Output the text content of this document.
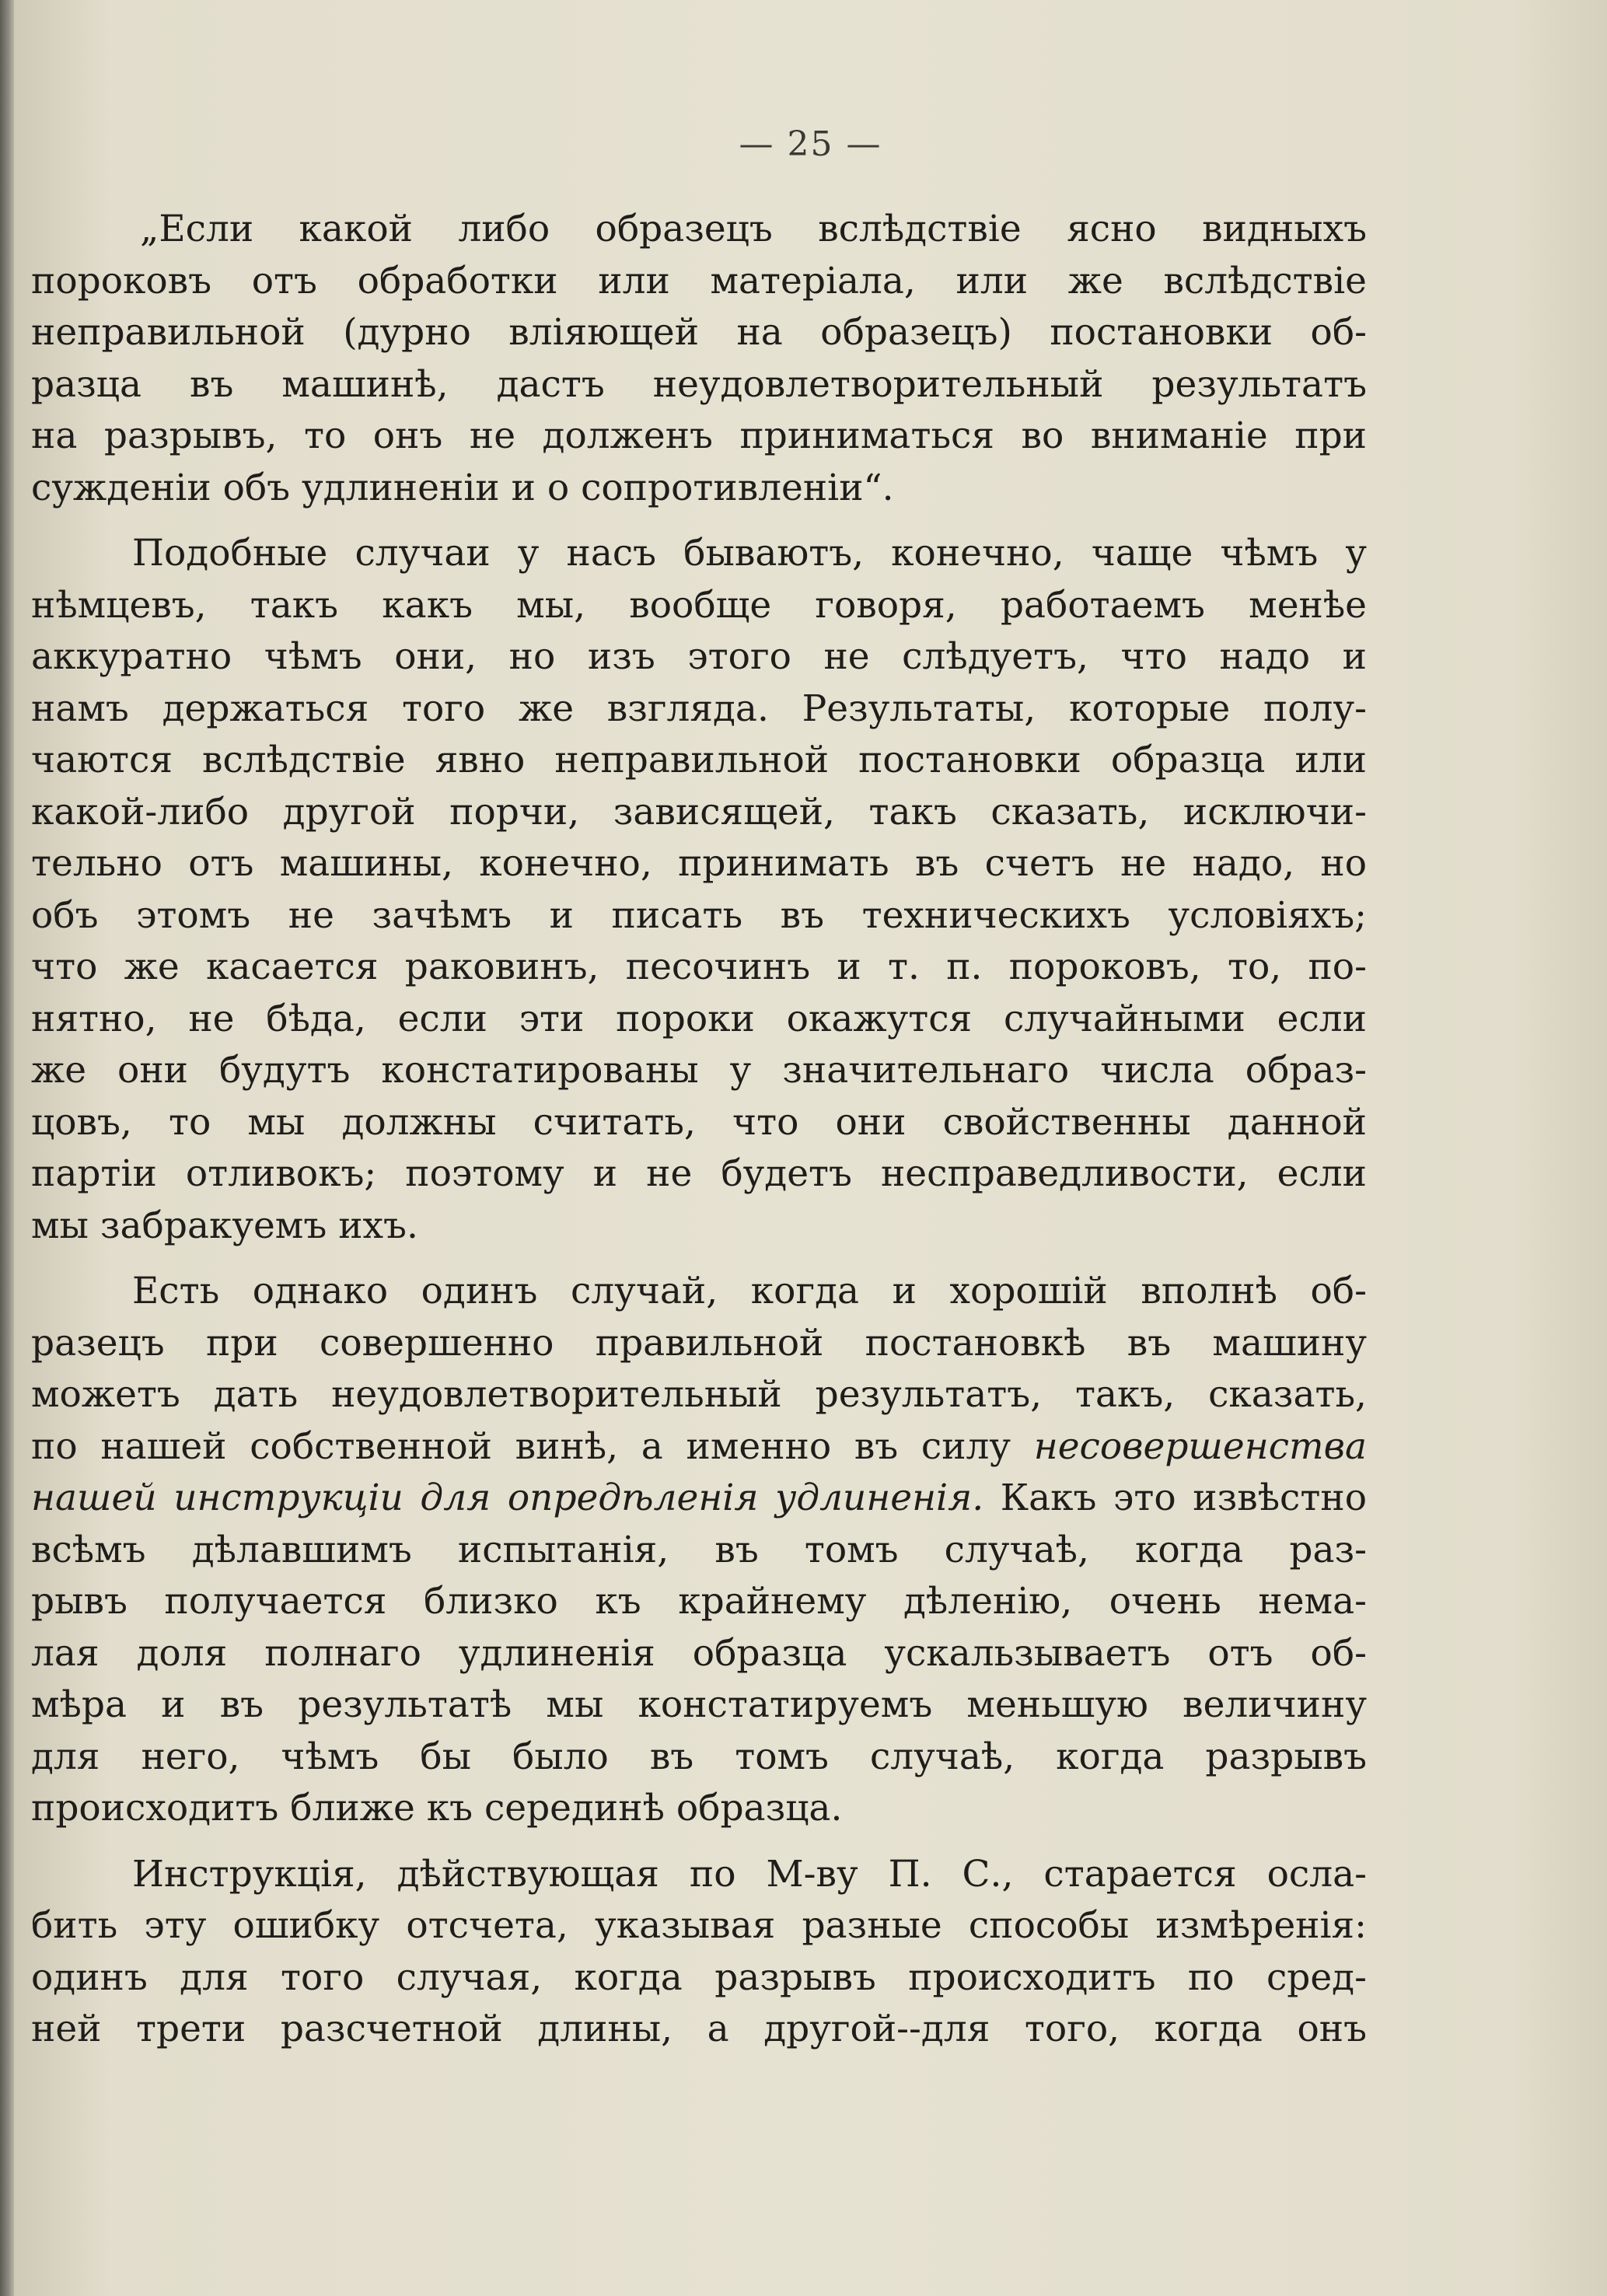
— 25 —

„Если какой либо образецъ вслѣдствіе ясно видныхъ
пороковъ отъ обработки или матеріала, или же вслѣдствіе
неправильной (дурно вліяющей на образецъ) постановки об-
разца въ машинѣ, дастъ неудовлетворительный результатъ
на разрывъ, то онъ не долженъ приниматься во вниманіе при
сужденіи объ удлиненіи и о сопротивленіи“.

Подобные случаи у насъ бываютъ, конечно, чаще чѣмъ у
нѣмцевъ, такъ какъ мы, вообще говоря, работаемъ менѣе
аккуратно чѣмъ они, но изъ этого не слѣдуетъ, что надо и
намъ держаться того же взгляда. Результаты, которые полу-
чаются вслѣдствіе явно неправильной постановки образца или
какой-либо другой порчи, зависящей, такъ сказать, исключи-
тельно отъ машины, конечно, принимать въ счетъ не надо, но
объ этомъ не зачѣмъ и писать въ техническихъ условіяхъ;
что же касается раковинъ, песочинъ и т. п. пороковъ, то, по-
нятно, не бѣда, если эти пороки окажутся случайными если
же они будутъ констатированы у значительнаго числа образ-
цовъ, то мы должны считать, что они свойственны данной
партіи отливокъ; поэтому и не будетъ несправедливости, если
мы забракуемъ ихъ.

Есть однако одинъ случай, когда и хорошій вполнѣ об-
разецъ при совершенно правильной постановкѣ въ машину
можетъ дать неудовлетворительный результатъ, такъ, сказать,
по нашей собственной винѣ, а именно въ силу несовершенства
нашей инструкціи для опредѣленія удлиненія. Какъ это извѣстно
всѣмъ дѣлавшимъ испытанія, въ томъ случаѣ, когда раз-
рывъ получается близко къ крайнему дѣленію, очень нема-
лая доля полнаго удлиненія образца ускальзываетъ отъ об-
мѣра и въ результатѣ мы констатируемъ меньшую величину
для него, чѣмъ бы было въ томъ случаѣ, когда разрывъ
происходитъ ближе къ серединѣ образца.

Инструкція, дѣйствующая по М-ву П. С., старается осла-
бить эту ошибку отсчета, указывая разные способы измѣренія:
одинъ для того случая, когда разрывъ происходитъ по сред-
ней трети разсчетной длины, а другой--для того, когда онъ
